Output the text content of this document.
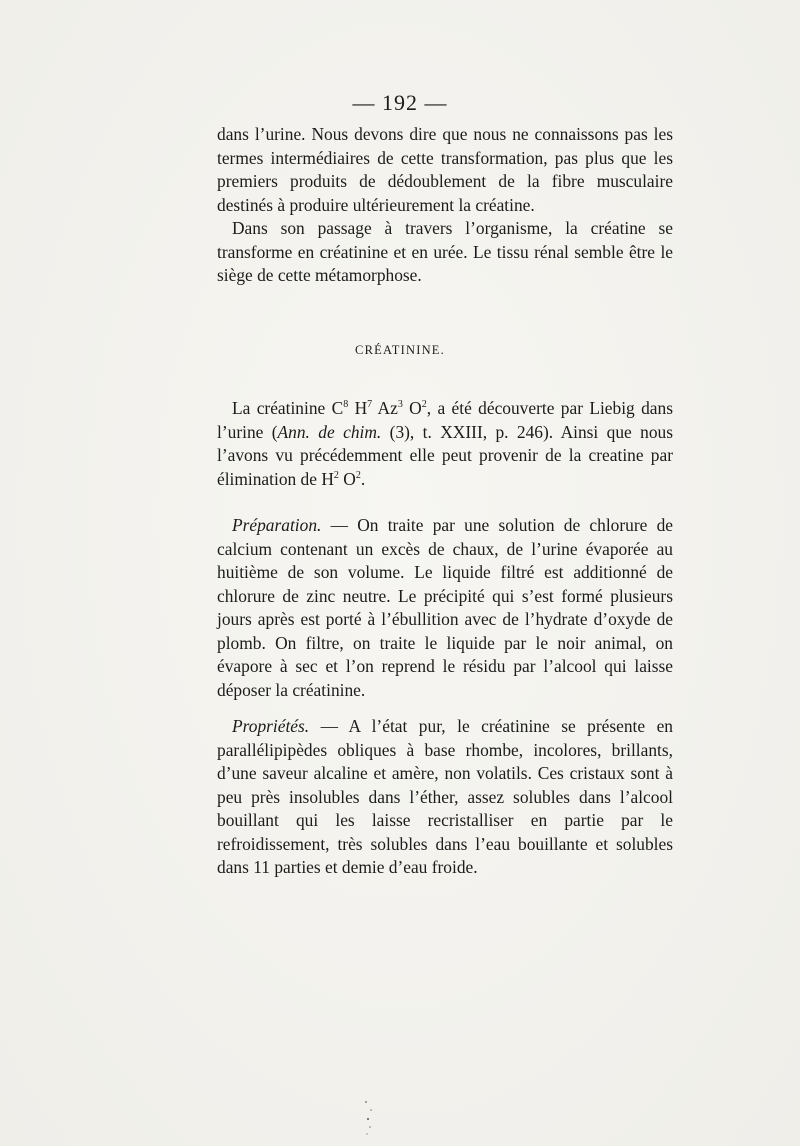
— 192 —

dans l’urine. Nous devons dire que nous ne connaissons pas les termes intermédiaires de cette transformation, pas plus que les premiers produits de dédoublement de la fibre musculaire destinés à produire ultérieurement la créatine.

Dans son passage à travers l’organisme, la créatine se transforme en créatinine et en urée. Le tissu rénal semble être le siège de cette métamorphose.

CRÉATININE.

La créatinine $C^8$ $H^7$ Az$^3$ $O^2$, a été découverte par Liebig dans l’urine (Ann. de chim. (3), t. XXIII, p. 246). Ainsi que nous l’avons vu précédemment elle peut provenir de la creatine par élimination de $H^2$ $O^2$.

Préparation. — On traite par une solution de chlorure de calcium contenant un excès de chaux, de l’urine évaporée au huitième de son volume. Le liquide filtré est additionné de chlorure de zinc neutre. Le précipité qui s’est formé plusieurs jours après est porté à l’ébullition avec de l’hydrate d’oxyde de plomb. On filtre, on traite le liquide par le noir animal, on évapore à sec et l’on reprend le résidu par l’alcool qui laisse déposer la créatinine.

Propriétés. — A l’état pur, le créatinine se présente en parallélipipèdes obliques à base rhombe, incolores, brillants, d’une saveur alcaline et amère, non volatils. Ces cristaux sont à peu près insolubles dans l’éther, assez solubles dans l’alcool bouillant qui les laisse recristalliser en partie par le refroidissement, très solubles dans l’eau bouillante et solubles dans 11 parties et demie d’eau froide.
